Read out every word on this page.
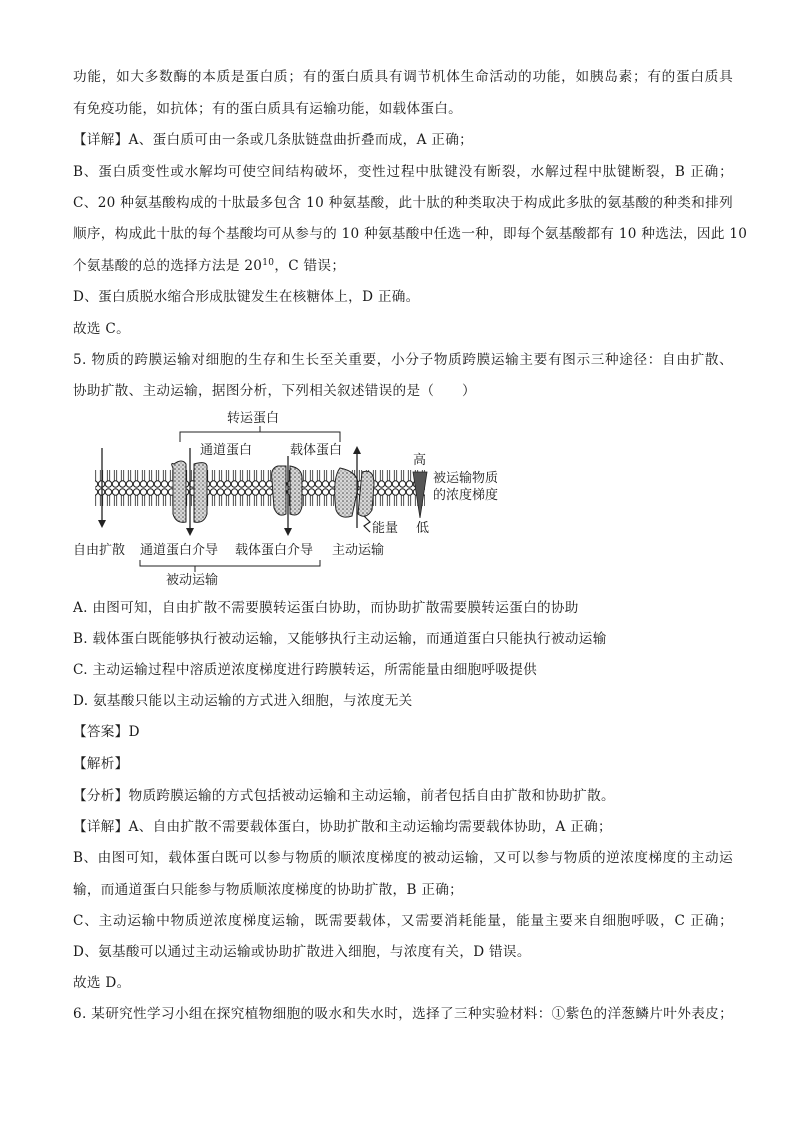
功能，如大多数酶的本质是蛋白质；有的蛋白质具有调节机体生命活动的功能，如胰岛素；有的蛋白质具
有免疫功能，如抗体；有的蛋白质具有运输功能，如载体蛋白。
【详解】A、蛋白质可由一条或几条肽链盘曲折叠而成，A 正确；
B、蛋白质变性或水解均可使空间结构破坏，变性过程中肽键没有断裂，水解过程中肽键断裂，B 正确；
C、20 种氨基酸构成的十肽最多包含 10 种氨基酸，此十肽的种类取决于构成此多肽的氨基酸的种类和排列
顺序，构成此十肽的每个基酸均可从参与的 10 种氨基酸中任选一种，即每个氨基酸都有 10 种选法，因此 10
个氨基酸的总的选择方法是 $20^{10}$，C 错误；
D、蛋白质脱水缩合形成肽键发生在核糖体上，D 正确。
故选 C。
5. 物质的跨膜运输对细胞的生存和生长至关重要，小分子物质跨膜运输主要有图示三种途径：自由扩散、
协助扩散、主动运输，据图分析，下列相关叙述错误的是（　　）
转运蛋白
通道蛋白	载体蛋白
能量
高
低
被运输物质
的浓度梯度
自由扩散 通道蛋白介导 载体蛋白介导 主动运输
被动运输
A. 由图可知，自由扩散不需要膜转运蛋白协助，而协助扩散需要膜转运蛋白的协助
B. 载体蛋白既能够执行被动运输，又能够执行主动运输，而通道蛋白只能执行被动运输
C. 主动运输过程中溶质逆浓度梯度进行跨膜转运，所需能量由细胞呼吸提供
D. 氨基酸只能以主动运输的方式进入细胞，与浓度无关
【答案】D
【解析】
【分析】物质跨膜运输的方式包括被动运输和主动运输，前者包括自由扩散和协助扩散。
【详解】A、自由扩散不需要载体蛋白，协助扩散和主动运输均需要载体协助，A 正确；
B、由图可知，载体蛋白既可以参与物质的顺浓度梯度的被动运输，又可以参与物质的逆浓度梯度的主动运
输，而通道蛋白只能参与物质顺浓度梯度的协助扩散，B 正确；
C、主动运输中物质逆浓度梯度运输，既需要载体，又需要消耗能量，能量主要来自细胞呼吸，C 正确；
D、氨基酸可以通过主动运输或协助扩散进入细胞，与浓度有关，D 错误。
故选 D。
6. 某研究性学习小组在探究植物细胞的吸水和失水时，选择了三种实验材料：①紫色的洋葱鳞片叶外表皮；
